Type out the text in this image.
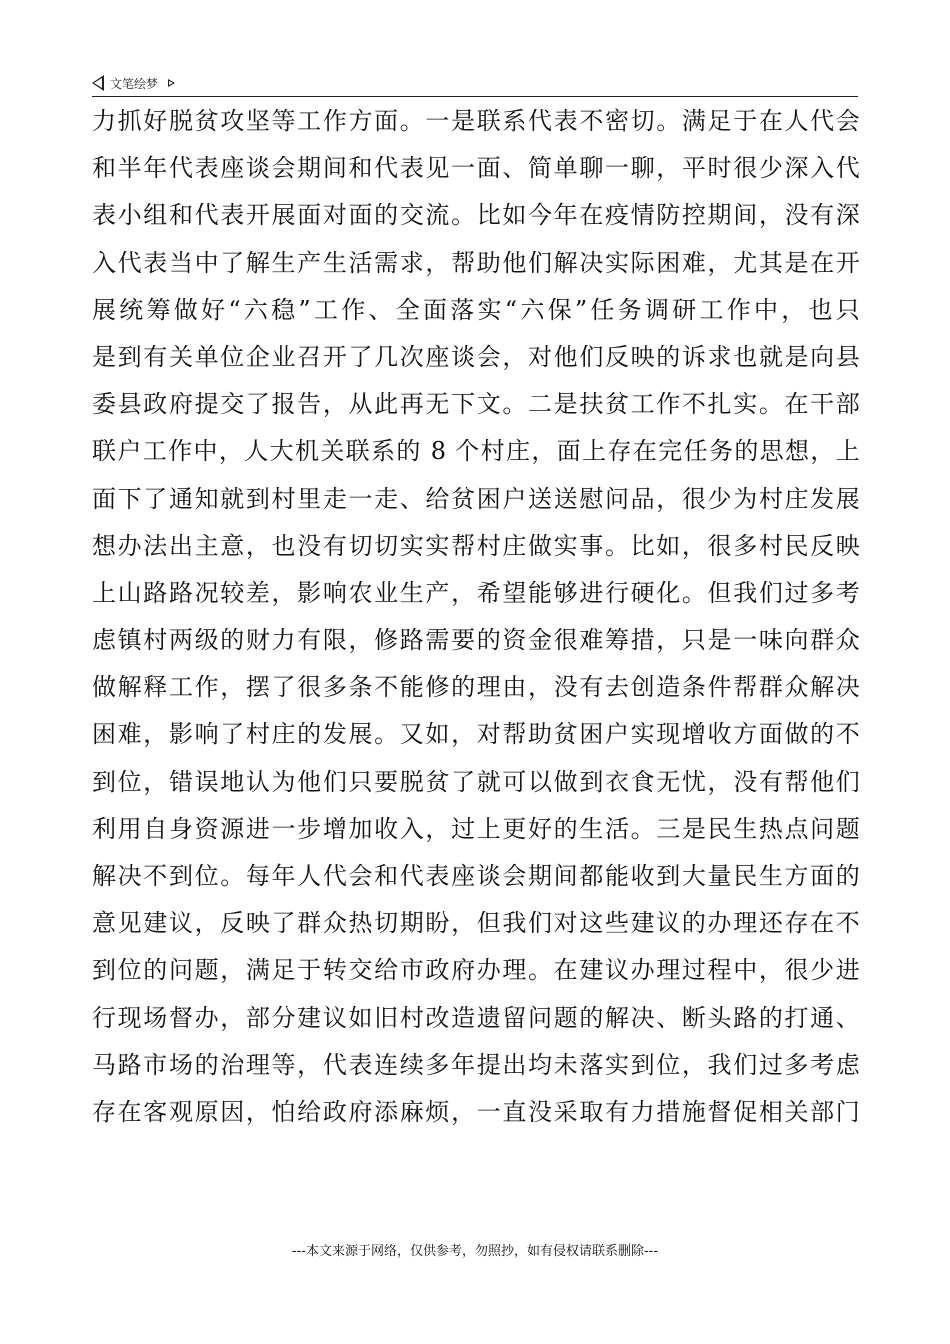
文笔绘梦
力抓好脱贫攻坚等工作方面。一是联系代表不密切。满足于在人代会
和半年代表座谈会期间和代表见一面、简单聊一聊，平时很少深入代
表小组和代表开展面对面的交流。比如今年在疫情防控期间，没有深
入代表当中了解生产生活需求，帮助他们解决实际困难，尤其是在开
展统筹做好“六稳”工作、全面落实“六保”任务调研工作中，也只
是到有关单位企业召开了几次座谈会，对他们反映的诉求也就是向县
委县政府提交了报告，从此再无下文。二是扶贫工作不扎实。在干部
联户工作中，人大机关联系的 8 个村庄，面上存在完任务的思想，上
面下了通知就到村里走一走、给贫困户送送慰问品，很少为村庄发展
想办法出主意，也没有切切实实帮村庄做实事。比如，很多村民反映
上山路路况较差，影响农业生产，希望能够进行硬化。但我们过多考
虑镇村两级的财力有限，修路需要的资金很难筹措，只是一味向群众
做解释工作，摆了很多条不能修的理由，没有去创造条件帮群众解决
困难，影响了村庄的发展。又如，对帮助贫困户实现增收方面做的不
到位，错误地认为他们只要脱贫了就可以做到衣食无忧，没有帮他们
利用自身资源进一步增加收入，过上更好的生活。三是民生热点问题
解决不到位。每年人代会和代表座谈会期间都能收到大量民生方面的
意见建议，反映了群众热切期盼，但我们对这些建议的办理还存在不
到位的问题，满足于转交给市政府办理。在建议办理过程中，很少进
行现场督办，部分建议如旧村改造遗留问题的解决、断头路的打通、
马路市场的治理等，代表连续多年提出均未落实到位，我们过多考虑
存在客观原因，怕给政府添麻烦，一直没采取有力措施督促相关部门
---本文来源于网络，仅供参考，勿照抄，如有侵权请联系删除---
